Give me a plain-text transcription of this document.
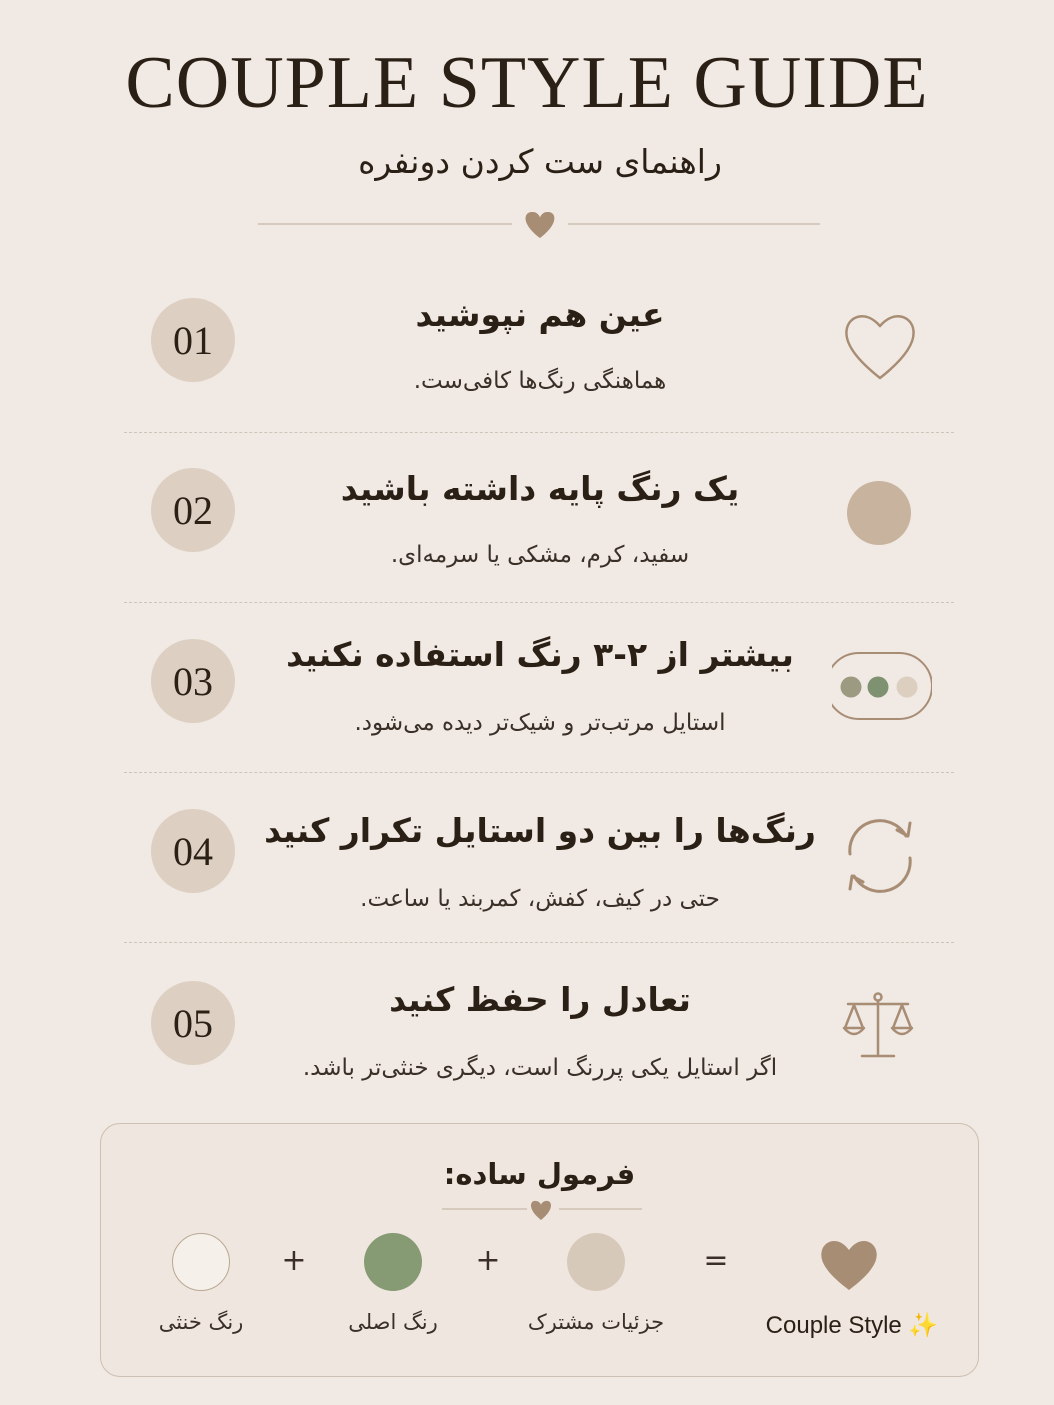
COUPLE STYLE GUIDE
راهنمای ست کردن دونفره
01
عین هم نپوشید
هماهنگی رنگ‌ها کافی‌ست.
02	یک رنگ پایه داشته باشید
سفید، کرم، مشکی یا سرمه‌ای.
03
بیشتر از ۲-۳ رنگ استفاده نکنید
استایل مرتب‌تر و شیک‌تر دیده می‌شود.
04	رنگ‌ها را بین دو استایل تکرار کنید
حتی در کیف، کفش، کمربند یا ساعت.
05
تعادل را حفظ کنید
اگر استایل یکی پررنگ است، دیگری خنثی‌تر باشد.
فرمول ساده:
رنگ خنثی
+
رنگ اصلی
+
جزئیات مشترک
=
Couple Style ✨
